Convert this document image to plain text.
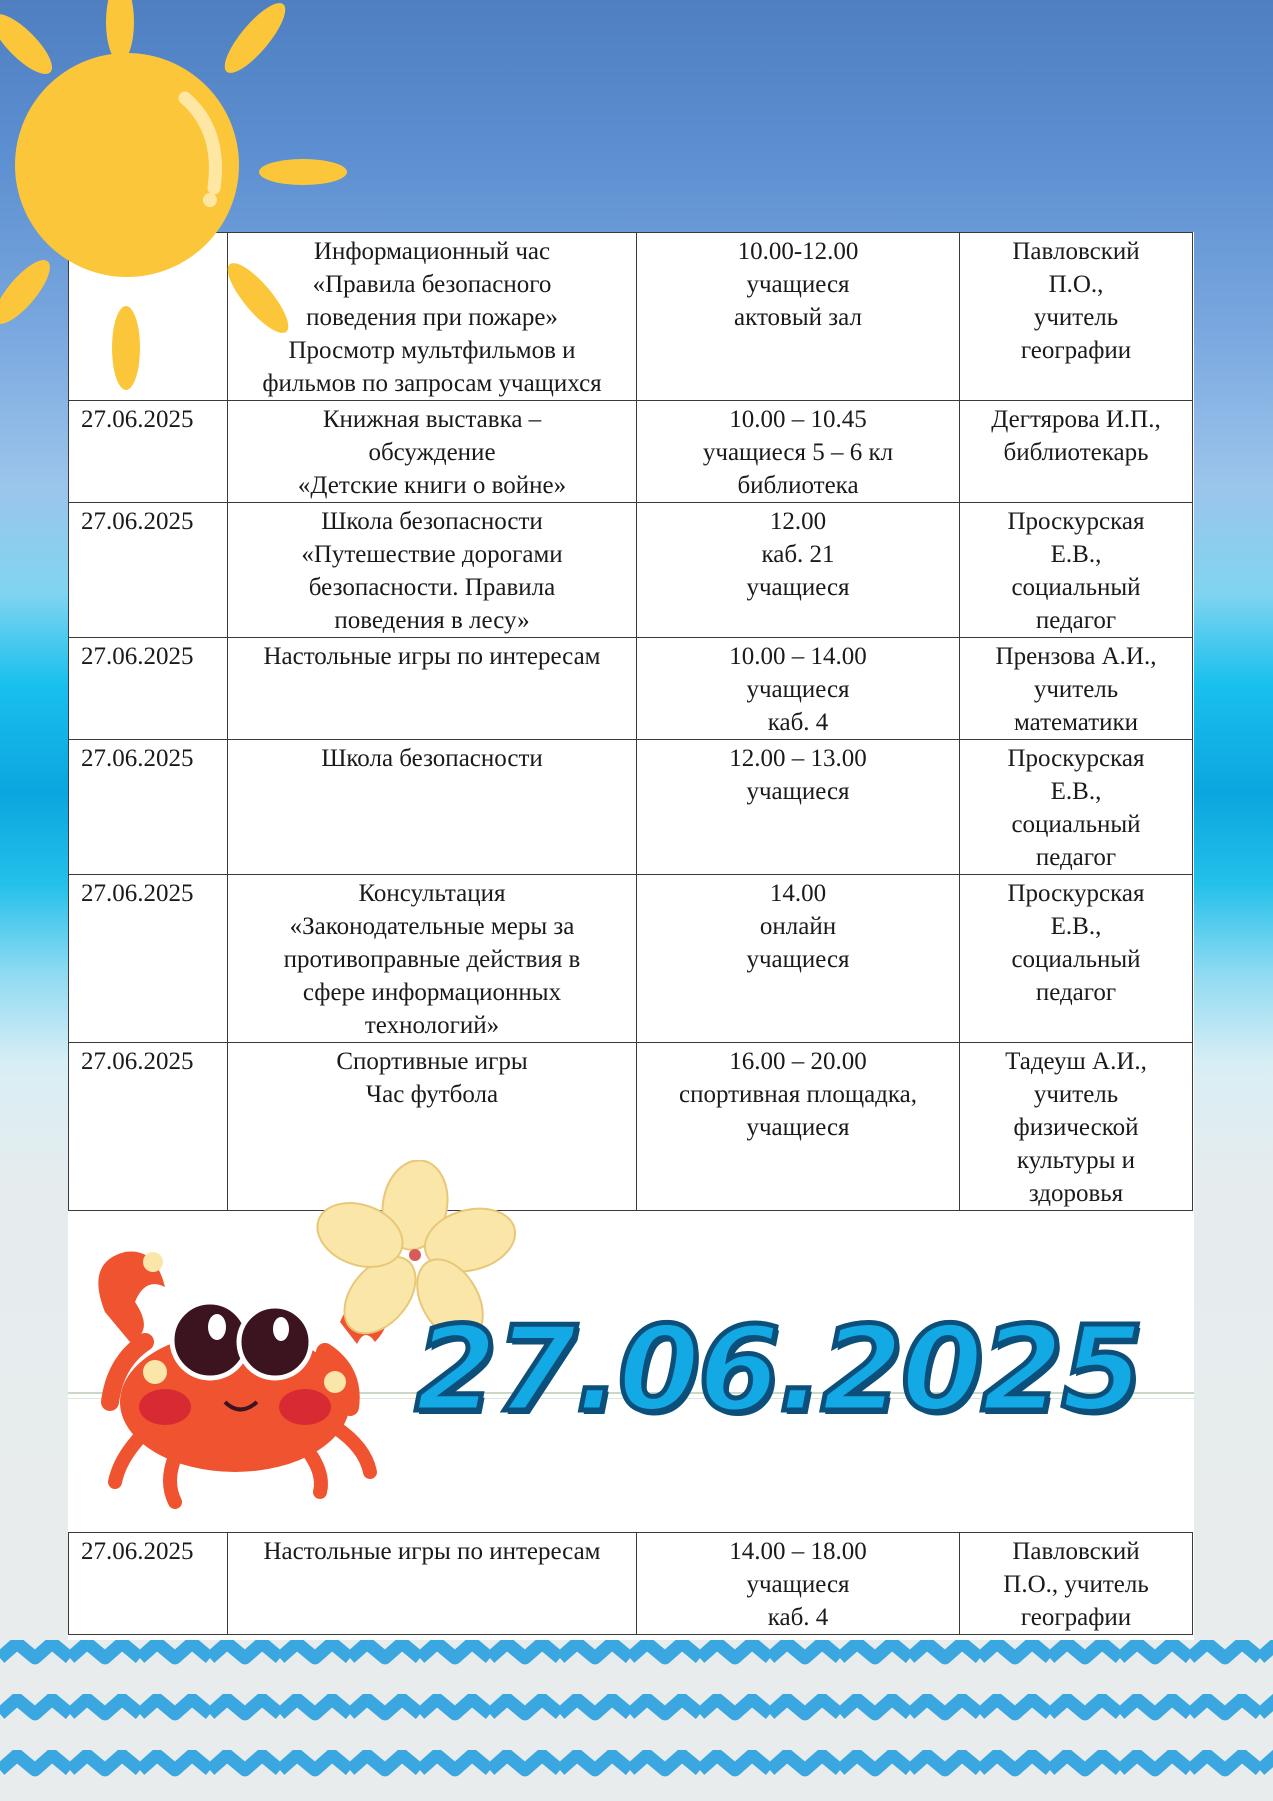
	Информационный час
«Правила безопасного
поведения при пожаре»
Просмотр мультфильмов и
фильмов по запросам учащихся	10.00-12.00
учащиеся
актовый зал	Павловский
П.О.,
учитель
географии
27.06.2025	Книжная выставка –
обсуждение
«Детские книги о войне»	10.00 – 10.45
учащиеся 5 – 6 кл
библиотека	Дегтярова И.П.,
библиотекарь
27.06.2025	Школа безопасности
«Путешествие дорогами
безопасности. Правила
поведения в лесу»	12.00
каб. 21
учащиеся	Проскурская
Е.В.,
социальный
педагог
27.06.2025	Настольные игры по интересам	10.00 – 14.00
учащиеся
каб. 4	Прензова А.И.,
учитель
математики
27.06.2025	Школа безопасности	12.00 – 13.00
учащиеся	Проскурская
Е.В.,
социальный
педагог
27.06.2025	Консультация
«Законодательные меры за
противоправные действия в
сфере информационных
технологий»	14.00
онлайн
учащиеся	Проскурская
Е.В.,
социальный
педагог
27.06.2025	Спортивные игры
Час футбола	16.00 – 20.00
спортивная площадка,
учащиеся	Тадеуш А.И.,
учитель
физической
культуры и
здоровья
27.06.2025
27.06.2025	Настольные игры по интересам	14.00 – 18.00
учащиеся
каб. 4	Павловский
П.О., учитель
географии
